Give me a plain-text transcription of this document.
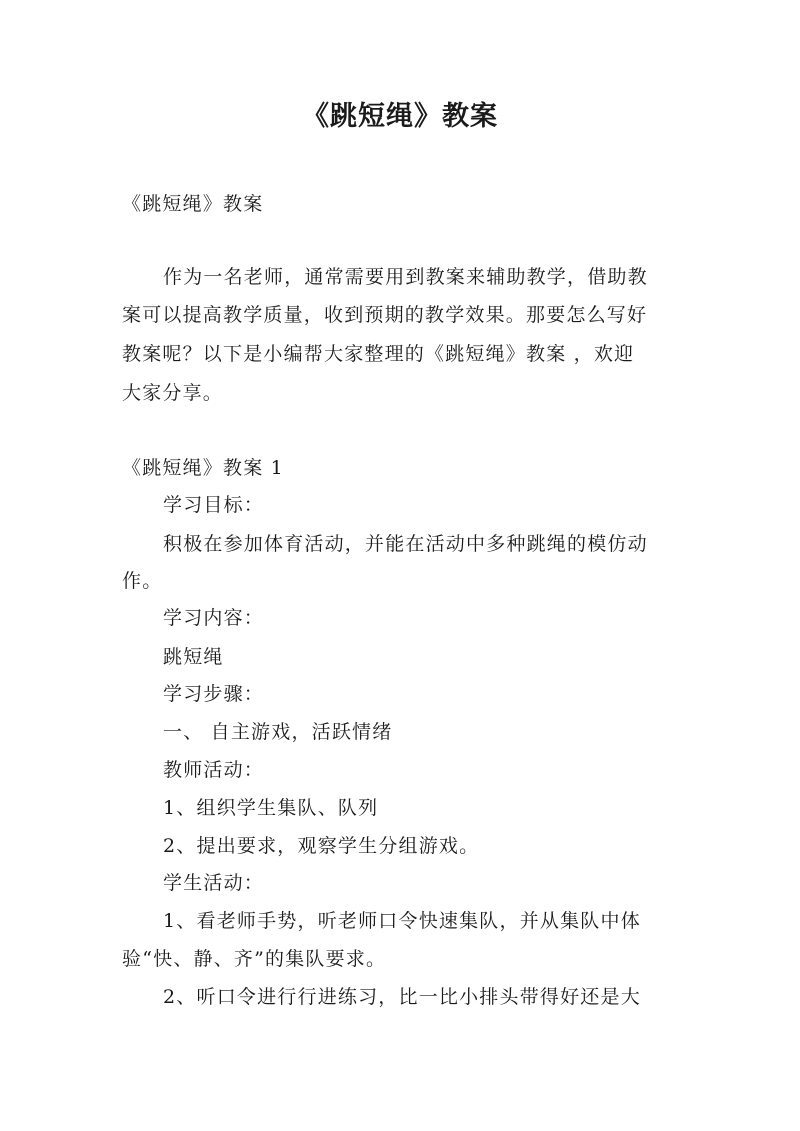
《跳短绳》教案

《跳短绳》教案

作为一名老师，通常需要用到教案来辅助教学，借助教

案可以提高教学质量，收到预期的教学效果。那要怎么写好

教案呢？以下是小编帮大家整理的《跳短绳》教案 ，欢迎

大家分享。

《跳短绳》教案 1

学习目标：

积极在参加体育活动，并能在活动中多种跳绳的模仿动

作。

学习内容：

跳短绳

学习步骤：

一、 自主游戏，活跃情绪

教师活动：

1、组织学生集队、队列

2、提出要求，观察学生分组游戏。

学生活动：

1、看老师手势，听老师口令快速集队，并从集队中体

验“快、静、齐”的集队要求。

2、听口令进行行进练习，比一比小排头带得好还是大
